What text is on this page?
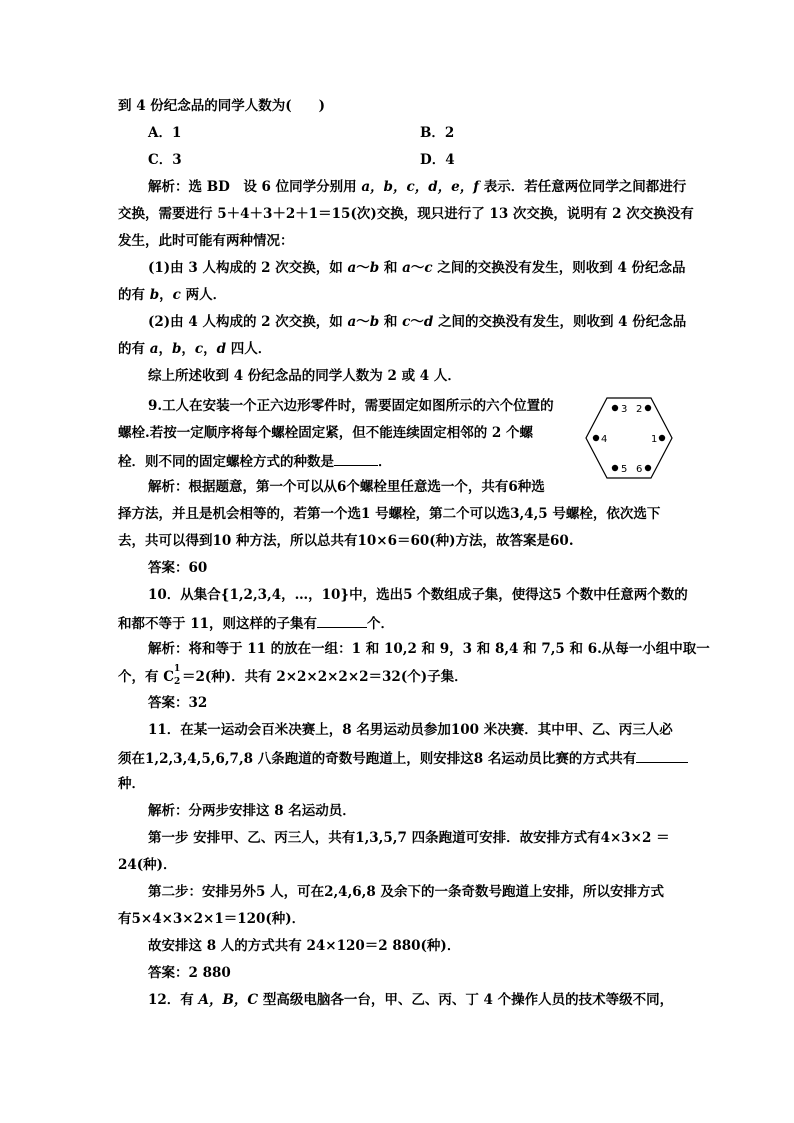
到 4 份纪念品的同学人数为(　　)
A．1	B．2
C．3	D．4
解析：选 BD　设 6 位同学分别用 a，b，c，d，e，f 表示．若任意两位同学之间都进行
交换，需要进行 5＋4＋3＋2＋1＝15(次)交换，现只进行了 13 次交换，说明有 2 次交换没有
发生，此时可能有两种情况：
(1)由 3 人构成的 2 次交换，如 a～b 和 a～c 之间的交换没有发生，则收到 4 份纪念品
的有 b，c 两人．
(2)由 4 人构成的 2 次交换，如 a～b 和 c～d 之间的交换没有发生，则收到 4 份纪念品
的有 a，b，c，d 四人．
综上所述收到 4 份纪念品的同学人数为 2 或 4 人．
9.工人在安装一个正六边形零件时，需要固定如图所示的六个位置的
螺栓.若按一定顺序将每个螺栓固定紧，但不能连续固定相邻的 2 个螺
栓．则不同的固定螺栓方式的种数是	．
3 2
4	1
5 6
解析：根据题意，第一个可以从6个螺栓里任意选一个，共有6种选
择方法，并且是机会相等的，若第一个选1 号螺栓，第二个可以选3,4,5 号螺栓，依次选下
去，共可以得到10 种方法，所以总共有10×6＝60(种)方法，故答案是60.
答案：60
10．从集合{1,2,3,4，…，10}中，选出5 个数组成子集，使得这5 个数中任意两个数的
和都不等于 11，则这样的子集有	个．
解析：将和等于 11 的放在一组：1 和 10,2 和 9，3 和 8,4 和 7,5 和 6.从每一小组中取一
个，有 C 1
2 ＝2(种)．共有 2×2×2×2×2＝32(个)子集．
答案：32
11．在某一运动会百米决赛上，8 名男运动员参加100 米决赛．其中甲、乙、丙三人必
须在1,2,3,4,5,6,7,8 八条跑道的奇数号跑道上，则安排这8 名运动员比赛的方式共有
种．
解析：分两步安排这 8 名运动员．
第一步 安排甲、乙、丙三人，共有1,3,5,7 四条跑道可安排．故安排方式有4×3×2 ＝
24(种)．
第二步：安排另外5 人，可在2,4,6,8 及余下的一条奇数号跑道上安排，所以安排方式
有5×4×3×2×1＝120(种)．
故安排这 8 人的方式共有 24×120＝2 880(种)．
答案：2 880
12．有 A，B，C 型高级电脑各一台，甲、乙、丙、丁 4 个操作人员的技术等级不同，
